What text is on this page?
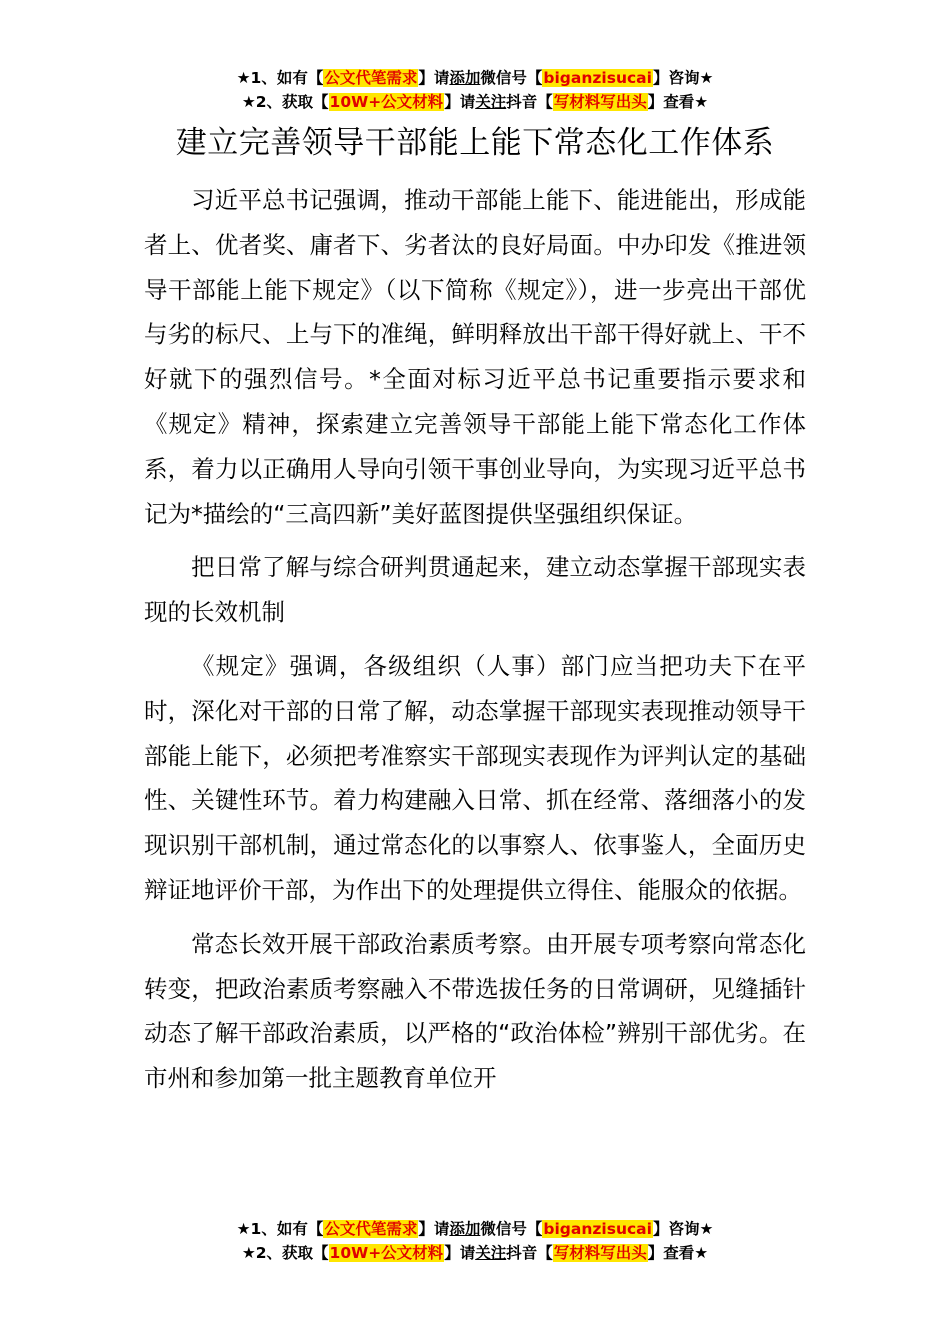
★1、如有【公文代笔需求】请添加微信号【biganzisucai】咨询★
★2、获取【10W+公文材料】请关注抖音【写材料写出头】查看★
建立完善领导干部能上能下常态化工作体系

习近平总书记强调，推动干部能上能下、能进能出，形成能者上、优者奖、庸者下、劣者汰的良好局面。中办印发《推进领导干部能上能下规定》（以下简称《规定》），进一步亮出干部优与劣的标尺、上与下的准绳，鲜明释放出干部干得好就上、干不好就下的强烈信号。*全面对标习近平总书记重要指示要求和《规定》精神，探索建立完善领导干部能上能下常态化工作体系，着力以正确用人导向引领干事创业导向，为实现习近平总书记为*描绘的“三高四新”美好蓝图提供坚强组织保证。

把日常了解与综合研判贯通起来，建立动态掌握干部现实表现的长效机制

《规定》强调，各级组织（人事）部门应当把功夫下在平时，深化对干部的日常了解，动态掌握干部现实表现推动领导干部能上能下，必须把考准察实干部现实表现作为评判认定的基础性、关键性环节。着力构建融入日常、抓在经常、落细落小的发现识别干部机制，通过常态化的以事察人、依事鉴人，全面历史辩证地评价干部，为作出下的处理提供立得住、能服众的依据。

常态长效开展干部政治素质考察。由开展专项考察向常态化转变，把政治素质考察融入不带选拔任务的日常调研，见缝插针动态了解干部政治素质，以严格的“政治体检”辨别干部优劣。在市州和参加第一批主题教育单位开

★1、如有【公文代笔需求】请添加微信号【biganzisucai】咨询★
★2、获取【10W+公文材料】请关注抖音【写材料写出头】查看★
